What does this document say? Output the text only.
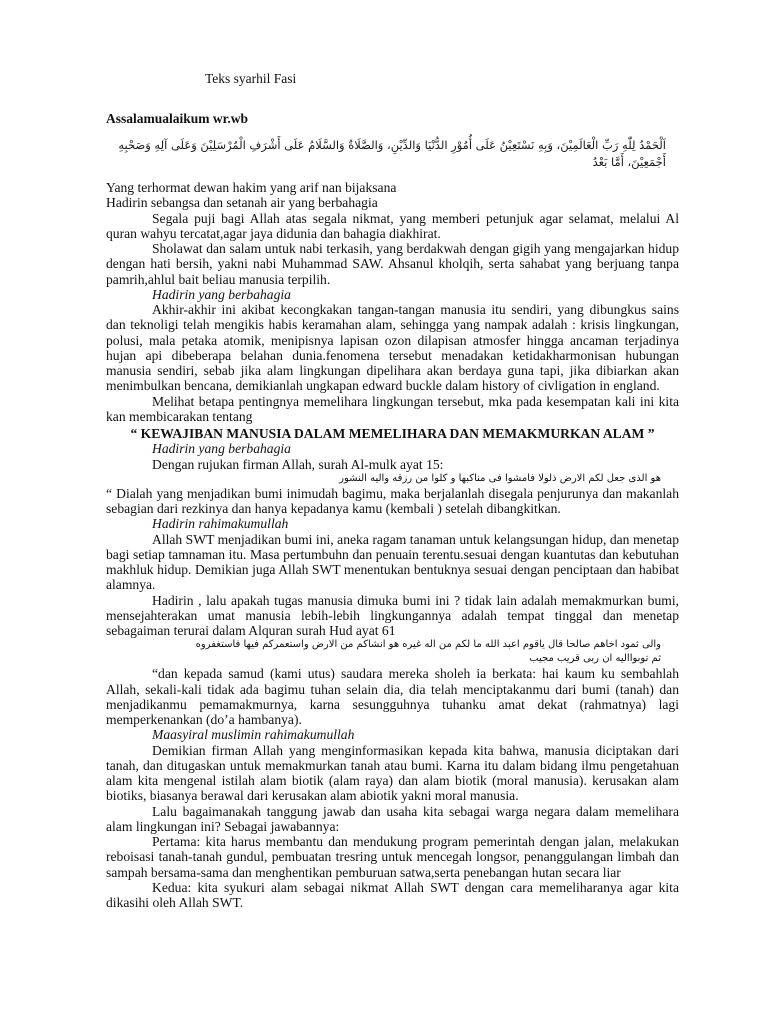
Teks syarhil Fasi
Assalamualaikum wr.wb
اَلْحَمْدُ لِلّٰهِ رَبِّ الْعَالَمِيْنَ، وَبِهِ نَسْتَعِيْنُ عَلَى أُمُوْرِ الدُّنْيَا وَالدِّيْنِ، وَالصَّلَاةُ وَالسَّلَامُ عَلَى أَشْرَفِ الْمُرْسَلِيْنَ وَعَلَى آلِهِ وَصَحْبِهِ أَجْمَعِيْنَ، أَمَّا بَعْدُ

Yang terhormat dewan hakim yang arif nan bijaksana

Hadirin sebangsa dan setanah air yang berbahagia

Segala puji bagi Allah atas segala nikmat, yang memberi petunjuk agar selamat, melalui Al quran wahyu tercatat,agar jaya didunia dan bahagia diakhirat.

Sholawat dan salam untuk nabi terkasih, yang berdakwah dengan gigih yang mengajarkan hidup dengan hati bersih, yakni nabi Muhammad SAW. Ahsanul kholqih, serta sahabat yang berjuang tanpa pamrih,ahlul bait beliau manusia terpilih.

Hadirin yang berbahagia

Akhir-akhir ini akibat kecongkakan tangan-tangan manusia itu sendiri, yang dibungkus sains dan teknoligi telah mengikis habis keramahan alam, sehingga yang nampak adalah : krisis lingkungan, polusi, mala petaka atomik, menipisnya lapisan ozon dilapisan atmosfer hingga ancaman terjadinya hujan api dibeberapa belahan dunia.fenomena tersebut menadakan ketidakharmonisan hubungan manusia sendiri, sebab jika alam lingkungan dipelihara akan berdaya guna tapi, jika dibiarkan akan menimbulkan bencana, demikianlah ungkapan edward buckle dalam history of civligation in england.

Melihat betapa pentingnya memelihara lingkungan tersebut, mka pada kesempatan kali ini kita kan membicarakan tentang

“ KEWAJIBAN MANUSIA DALAM MEMELIHARA DAN MEMAKMURKAN ALAM ”

Hadirin yang berbahagia

Dengan rujukan firman Allah, surah Al-mulk ayat 15:

هو الذى جعل لكم الارض ذلولا فامشوا فى مناكبها و كلوا من رزقه واليه النشور

“ Dialah yang menjadikan bumi inimudah bagimu, maka berjalanlah disegala penjurunya dan makanlah sebagian dari rezkinya dan hanya kepadanya kamu (kembali ) setelah dibangkitkan.

Hadirin rahimakumullah

Allah SWT menjadikan bumi ini, aneka ragam tanaman untuk kelangsungan hidup, dan menetap bagi setiap tamnaman itu. Masa pertumbuhn dan penuain terentu.sesuai dengan kuantutas dan kebutuhan makhluk hidup. Demikian juga Allah SWT menentukan bentuknya sesuai dengan penciptaan dan habibat alamnya.

Hadirin , lalu apakah tugas manusia dimuka bumi ini ? tidak lain adalah memakmurkan bumi, mensejahterakan umat manusia lebih-lebih lingkungannya adalah tempat tinggal dan menetap sebagaiman terurai dalam Alquran surah Hud ayat 61

والى ثمود اخاهم صالحا قال ياقوم اعبد الله ما لكم من اله غيره هو انشاكم من الارض واستعمركم فيها فاستغفروه

ثم توبوااليه ان ربى قريب مجيب

“dan kepada samud (kami utus) saudara mereka sholeh ia berkata: hai kaum ku sembahlah Allah, sekali-kali tidak ada bagimu tuhan selain dia, dia telah menciptakanmu dari bumi (tanah) dan menjadikanmu pemamakmurnya, karna sesungguhnya tuhanku amat dekat (rahmatnya) lagi memperkenankan (do’a hambanya).

Maasyiral muslimin rahimakumullah

Demikian firman Allah yang menginformasikan kepada kita bahwa, manusia diciptakan dari tanah, dan ditugaskan untuk memakmurkan tanah atau bumi. Karna itu dalam bidang ilmu pengetahuan alam kita mengenal istilah alam biotik (alam raya) dan alam biotik (moral manusia). kerusakan alam biotiks, biasanya berawal dari kerusakan alam abiotik yakni moral manusia.

Lalu bagaimanakah tanggung jawab dan usaha kita sebagai warga negara dalam memelihara alam lingkungan ini? Sebagai jawabannya:

Pertama: kita harus membantu dan mendukung program pemerintah dengan jalan, melakukan reboisasi tanah-tanah gundul, pembuatan tresring untuk mencegah longsor, penanggulangan limbah dan sampah bersama-sama dan menghentikan pemburuan satwa,serta penebangan hutan secara liar

Kedua: kita syukuri alam sebagai nikmat Allah SWT dengan cara memeliharanya agar kita dikasihi oleh Allah SWT.
